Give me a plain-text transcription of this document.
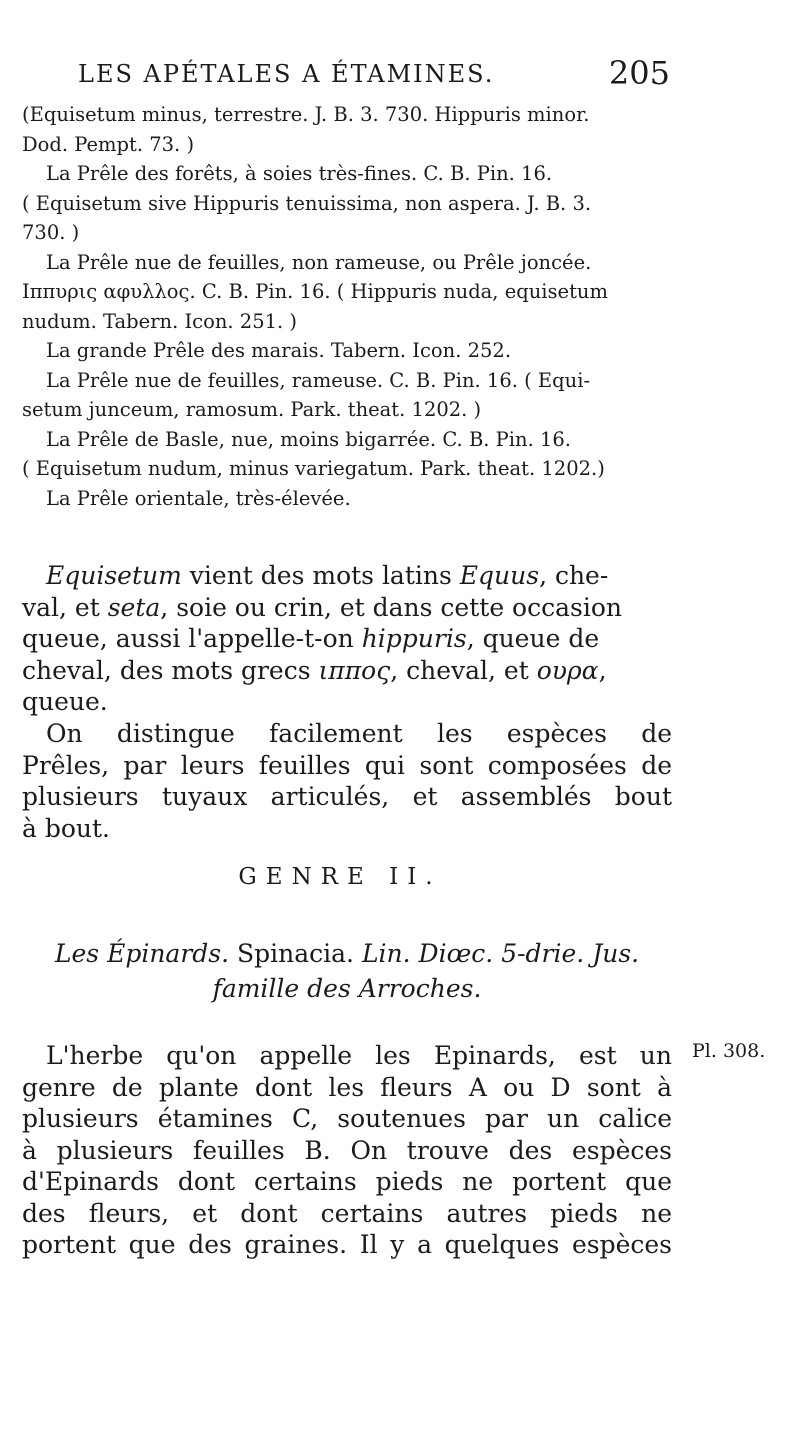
LES APÉTALES A ÉTAMINES.	205
(Equisetum minus, terrestre. J. B. 3. 730. Hippuris minor.
Dod. Pempt. 73. )
La Prêle des forêts, à soies très-fines. C. B. Pin. 16.
( Equisetum sive Hippuris tenuissima, non aspera. J. B. 3.
730. )
La Prêle nue de feuilles, non rameuse, ou Prêle joncée.
Ιππυρις αφυλλος. C. B. Pin. 16. ( Hippuris nuda, equisetum
nudum. Tabern. Icon. 251. )
La grande Prêle des marais. Tabern. Icon. 252.
La Prêle nue de feuilles, rameuse. C. B. Pin. 16. ( Equi-
setum junceum, ramosum. Park. theat. 1202. )
La Prêle de Basle, nue, moins bigarrée. C. B. Pin. 16.
( Equisetum nudum, minus variegatum. Park. theat. 1202.)
La Prêle orientale, très-élevée.
Equisetum vient des mots latins Equus, che-
val, et seta, soie ou crin, et dans cette occasion
queue, aussi l'appelle-t-on hippuris, queue de
cheval, des mots grecs ιππος, cheval, et ουρα,
queue.
On distingue facilement les espèces de
Prêles, par leurs feuilles qui sont composées de
plusieurs tuyaux articulés, et assemblés bout
à bout.
GENRE II.
Les Épinards. Spinacia. Lin. Diœc. 5-drie. Jus.
famille des Arroches.
L'herbe qu'on appelle les Epinards, est un
genre de plante dont les fleurs A ou D sont à
plusieurs étamines C, soutenues par un calice
à plusieurs feuilles B. On trouve des espèces
d'Epinards dont certains pieds ne portent que
des fleurs, et dont certains autres pieds ne
portent que des graines. Il y a quelques espèces
Pl. 308.
